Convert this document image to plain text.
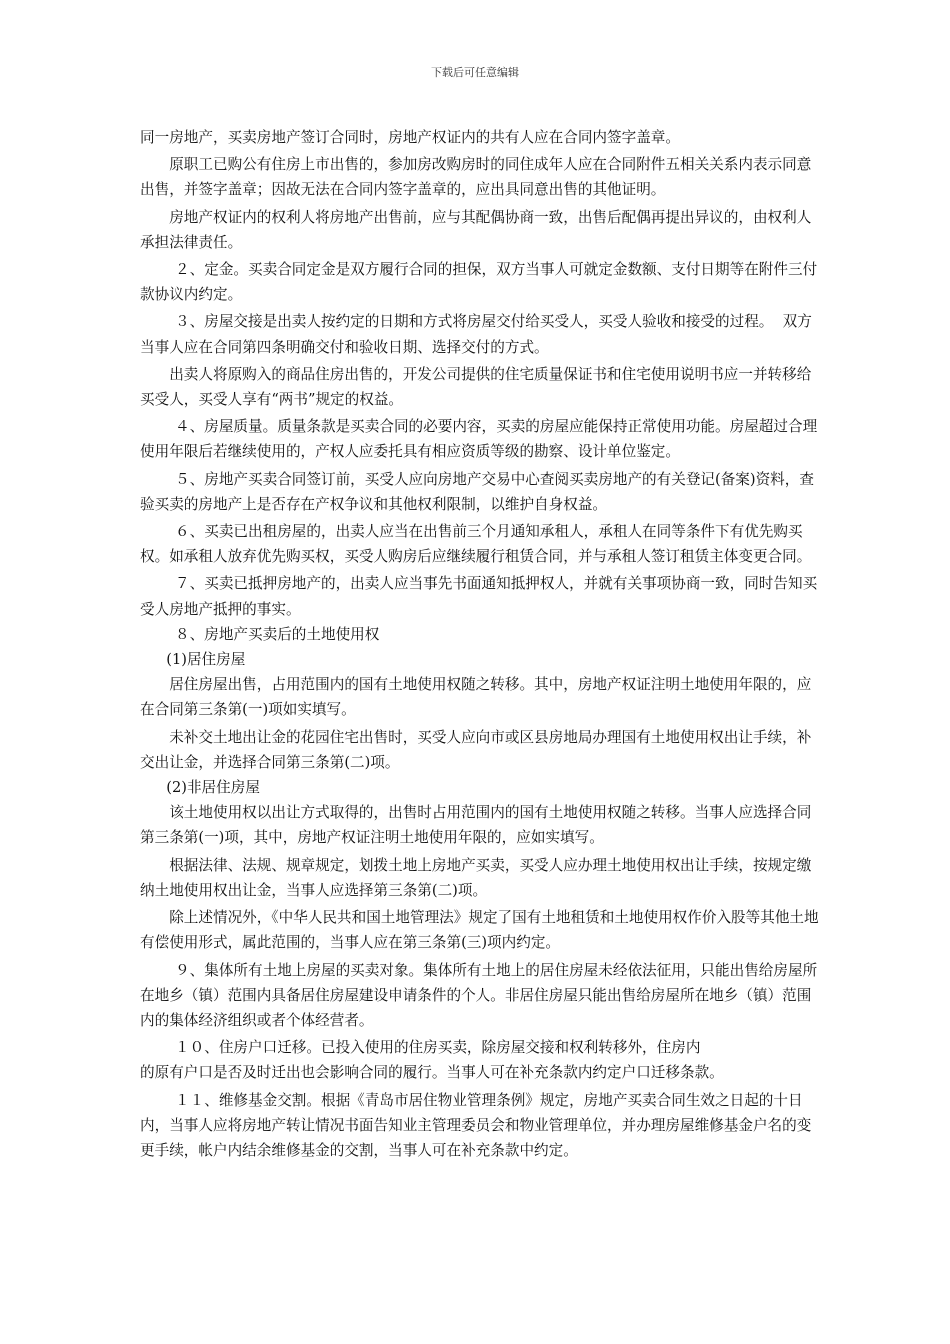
下载后可任意编辑

同一房地产，买卖房地产签订合同时，房地产权证内的共有人应在合同内签字盖章。

原职工已购公有住房上市出售的，参加房改购房时的同住成年人应在合同附件五相关关系内表示同意出售，并签字盖章；因故无法在合同内签字盖章的，应出具同意出售的其他证明。

房地产权证内的权利人将房地产出售前，应与其配偶协商一致，出售后配偶再提出异议的，由权利人承担法律责任。

２、定金。买卖合同定金是双方履行合同的担保，双方当事人可就定金数额、支付日期等在附件三付款协议内约定。

３、房屋交接是出卖人按约定的日期和方式将房屋交付给买受人，买受人验收和接受的过程。  双方当事人应在合同第四条明确交付和验收日期、选择交付的方式。

出卖人将原购入的商品住房出售的，开发公司提供的住宅质量保证书和住宅使用说明书应一并转移给买受人，买受人享有“两书”规定的权益。

４、房屋质量。质量条款是买卖合同的必要内容，买卖的房屋应能保持正常使用功能。房屋超过合理使用年限后若继续使用的，产权人应委托具有相应资质等级的勘察、设计单位鉴定。

５、房地产买卖合同签订前，买受人应向房地产交易中心查阅买卖房地产的有关登记(备案)资料，查验买卖的房地产上是否存在产权争议和其他权利限制，以维护自身权益。

６、买卖已出租房屋的，出卖人应当在出售前三个月通知承租人，承租人在同等条件下有优先购买权。如承租人放弃优先购买权，买受人购房后应继续履行租赁合同，并与承租人签订租赁主体变更合同。

７、买卖已抵押房地产的，出卖人应当事先书面通知抵押权人，并就有关事项协商一致，同时告知买受人房地产抵押的事实。

８、房地产买卖后的土地使用权

(1)居住房屋

居住房屋出售，占用范围内的国有土地使用权随之转移。其中，房地产权证注明土地使用年限的，应在合同第三条第(一)项如实填写。

未补交土地出让金的花园住宅出售时，买受人应向市或区县房地局办理国有土地使用权出让手续，补交出让金，并选择合同第三条第(二)项。

(2)非居住房屋

该土地使用权以出让方式取得的，出售时占用范围内的国有土地使用权随之转移。当事人应选择合同第三条第(一)项，其中，房地产权证注明土地使用年限的，应如实填写。

根据法律、法规、规章规定，划拨土地上房地产买卖，买受人应办理土地使用权出让手续，按规定缴纳土地使用权出让金，当事人应选择第三条第(二)项。

除上述情况外，《中华人民共和国土地管理法》规定了国有土地租赁和土地使用权作价入股等其他土地有偿使用形式，属此范围的，当事人应在第三条第(三)项内约定。

９、集体所有土地上房屋的买卖对象。集体所有土地上的居住房屋未经依法征用，只能出售给房屋所在地乡（镇）范围内具备居住房屋建设申请条件的个人。非居住房屋只能出售给房屋所在地乡（镇）范围内的集体经济组织或者个体经营者。

１０、住房户口迁移。已投入使用的住房买卖，除房屋交接和权利转移外，住房内

的原有户口是否及时迁出也会影响合同的履行。当事人可在补充条款内约定户口迁移条款。

１１、维修基金交割。根据《青岛市居住物业管理条例》规定，房地产买卖合同生效之日起的十日内，当事人应将房地产转让情况书面告知业主管理委员会和物业管理单位，并办理房屋维修基金户名的变更手续，帐户内结余维修基金的交割，当事人可在补充条款中约定。
